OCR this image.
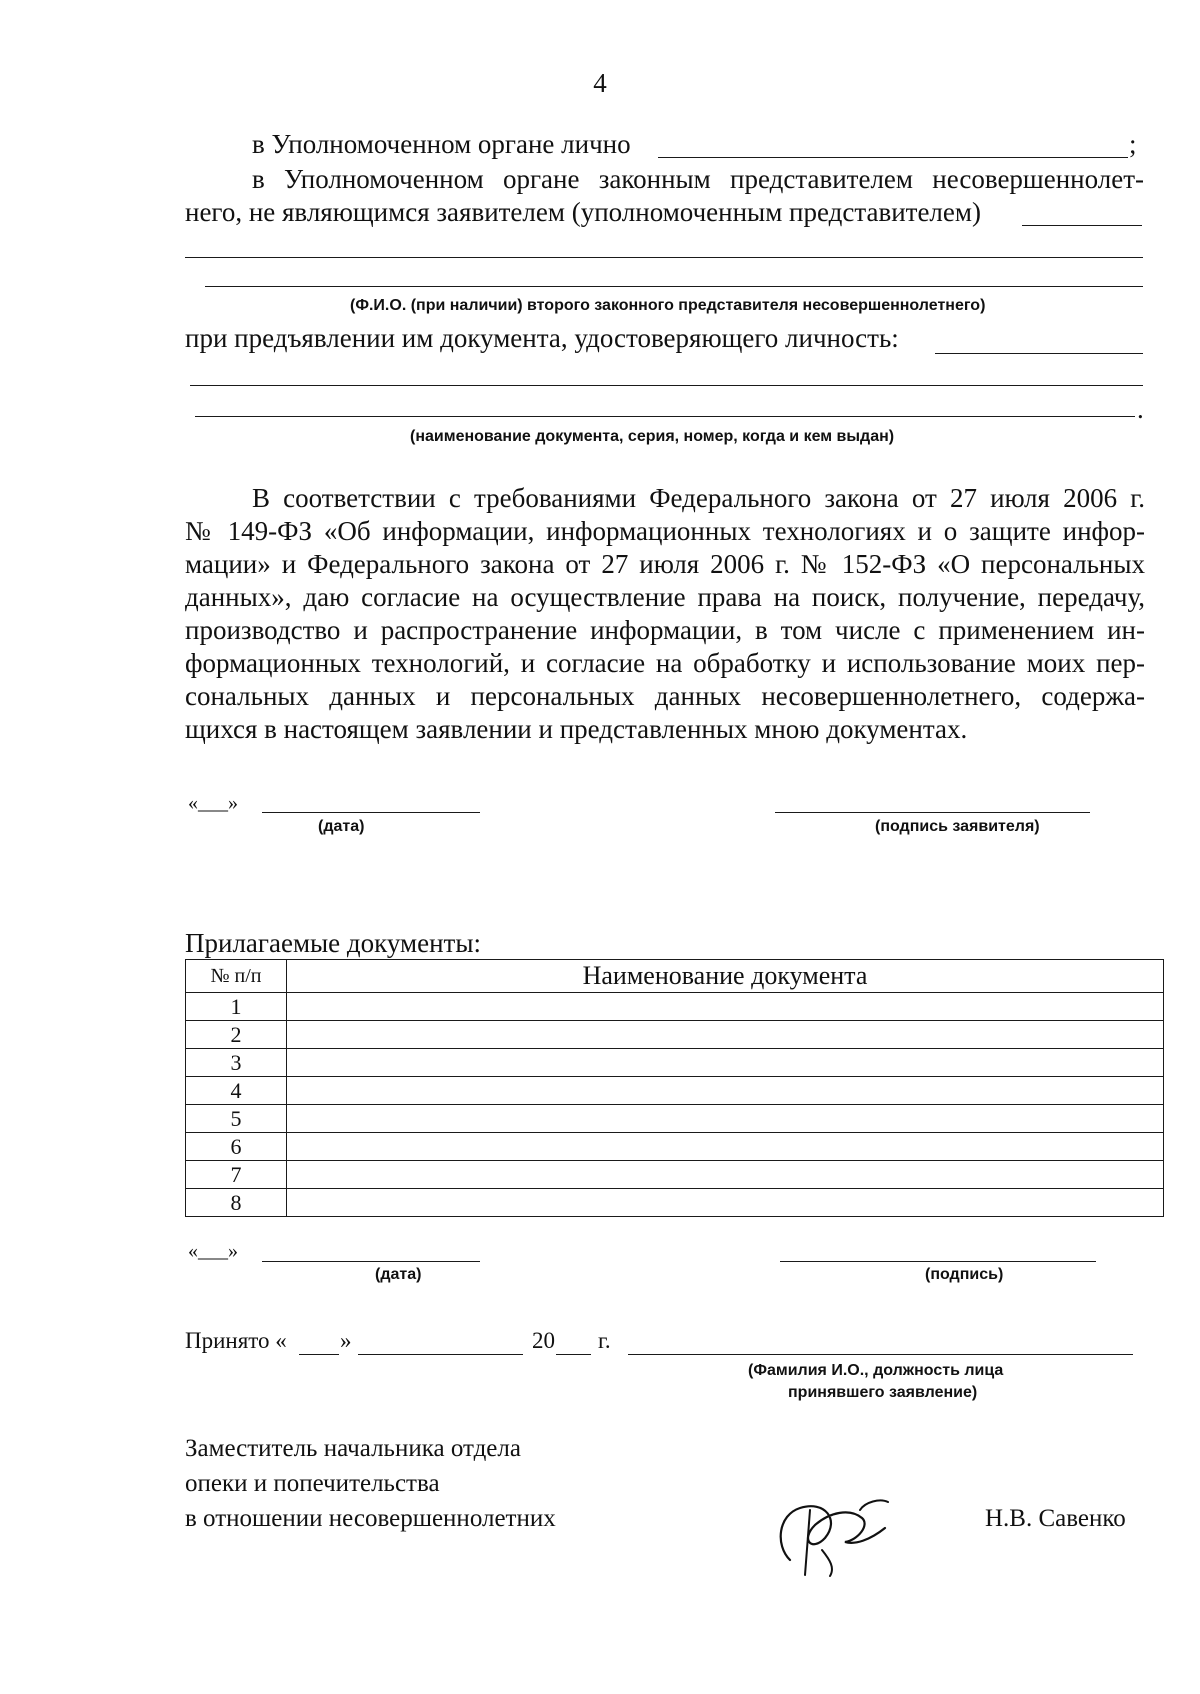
4
в Уполномоченном органе лично	;
в Уполномоченном органе законным представителем несовершеннолет-
него, не являющимся заявителем (уполномоченным представителем)
(Ф.И.О. (при наличии) второго законного представителя несовершеннолетнего)
при предъявлении им документа, удостоверяющего личность:
.
(наименование документа, серия, номер, когда и кем выдан)
В соответствии с требованиями Федерального закона от 27 июля 2006 г.
№ 149-ФЗ «Об информации, информационных технологиях и о защите инфор-
мации» и Федерального закона от 27 июля 2006 г. № 152-ФЗ «О персональных
данных», даю согласие на осуществление права на поиск, получение, передачу,
производство и распространение информации, в том числе с применением ин-
формационных технологий, и согласие на обработку и использование моих пер-
сональных данных и персональных данных несовершеннолетнего, содержа-
щихся в настоящем заявлении и представленных мною документах.
«___»
(дата)	(подпись заявителя)
Прилагаемые документы:
№ п/п	Наименование документа
1	
2	
3	
4	
5	
6	
7	
8	
«___»
(дата)	(подпись)
Принято « »	20 г.
(Фамилия И.О., должность лица
принявшего заявление)
Заместитель начальника отдела
опеки и попечительства
в отношении несовершеннолетних	Н.В. Савенко
